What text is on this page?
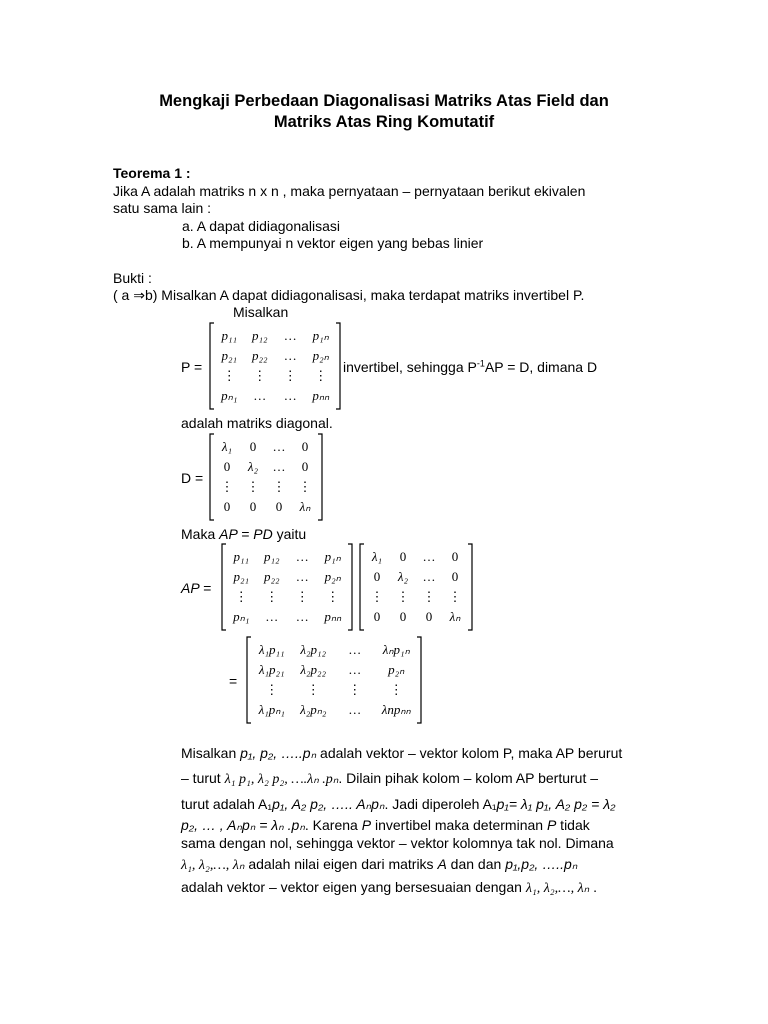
Mengkaji Perbedaan Diagonalisasi Matriks Atas Field dan
Matriks Atas Ring Komutatif
Teorema 1 :
Jika A adalah matriks n x n , maka pernyataan – pernyataan berikut ekivalen
satu sama lain :
a. A dapat didiagonalisasi
b. A mempunyai n vektor eigen yang bebas linier
Bukti :
( a ⇒b) Misalkan A dapat didiagonalisasi, maka terdapat matriks invertibel P.
Misalkan
P =
p₁₁	p₁₂	…	p₁ₙ
p₂₁	p₂₂	…	p₂ₙ
⋮	⋮	⋮	⋮
pₙ₁	…	…	pₙₙ
invertibel, sehingga $P^{-1}AP = D$, dimana D
adalah matriks diagonal.
D =
λ₁	0	…	0
0	λ₂	…	0
⋮	⋮	⋮	⋮
0	0	0	λₙ
Maka AP = PD yaitu
AP =
p₁₁	p₁₂	…	p₁ₙ
p₂₁	p₂₂	…	p₂ₙ
⋮	⋮	⋮	⋮
pₙ₁	…	…	pₙₙ
λ₁	0	…	0
0	λ₂	…	0
⋮	⋮	⋮	⋮
0	0	0	λₙ
=
λ₁p₁₁	λ₂p₁₂	…	λₙp₁ₙ
λ₁p₂₁	λ₂p₂₂	…	p₂ₙ
⋮	⋮	⋮	⋮
λ₁pₙ₁	λ₂pₙ₂	…	λnpₙₙ
Misalkan p₁, p₂, …..pₙ adalah vektor – vektor kolom P, maka AP berurut
– turut λ₁ p₁, λ₂ p₂, ….λₙ .pₙ. Dilain pihak kolom – kolom AP berturut –
turut adalah A₁p₁, A₂ p₂, ….. Aₙpₙ. Jadi diperoleh A₁p₁= λ₁ p₁, A₂ p₂ = λ₂
p₂, … , Aₙpₙ = λₙ .pₙ. Karena P invertibel maka determinan P tidak
sama dengan nol, sehingga vektor – vektor kolomnya tak nol. Dimana
λ₁, λ₂,…, λₙ adalah nilai eigen dari matriks A dan dan p₁,p₂, …..pₙ
adalah vektor – vektor eigen yang bersesuaian dengan λ₁, λ₂,…, λₙ .
